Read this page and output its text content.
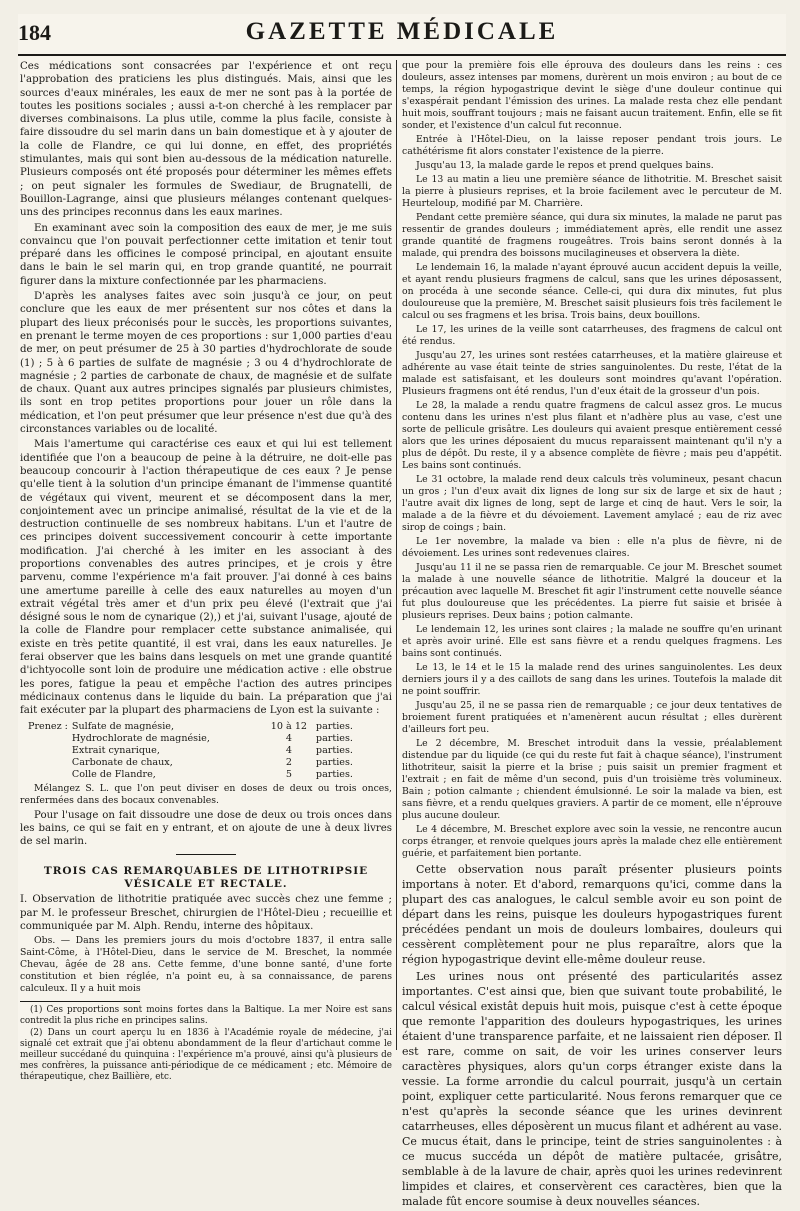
184	GAZETTE MÉDICALE

Ces médications sont consacrées par l'expérience et ont reçu l'approbation des praticiens les plus distingués. Mais, ainsi que les sources d'eaux minérales, les eaux de mer ne sont pas à la portée de toutes les positions sociales ; aussi a-t-on cherché à les remplacer par diverses combinaisons. La plus utile, comme la plus facile, consiste à faire dissoudre du sel marin dans un bain domestique et à y ajouter de la colle de Flandre, ce qui lui donne, en effet, des propriétés stimulantes, mais qui sont bien au-dessous de la médication naturelle. Plusieurs composés ont été proposés pour déterminer les mêmes effets ; on peut signaler les formules de Swediaur, de Brugnatelli, de Bouillon-Lagrange, ainsi que plusieurs mélanges contenant quelques-uns des principes reconnus dans les eaux marines.

En examinant avec soin la composition des eaux de mer, je me suis convaincu que l'on pouvait perfectionner cette imitation et tenir tout préparé dans les officines le composé principal, en ajoutant ensuite dans le bain le sel marin qui, en trop grande quantité, ne pourrait figurer dans la mixture confectionnée par les pharmaciens.

D'après les analyses faites avec soin jusqu'à ce jour, on peut conclure que les eaux de mer présentent sur nos côtes et dans la plupart des lieux préconisés pour le succès, les proportions suivantes, en prenant le terme moyen de ces proportions : sur 1,000 parties d'eau de mer, on peut présumer de 25 à 30 parties d'hydrochlorate de soude (1) ; 5 à 6 parties de sulfate de magnésie ; 3 ou 4 d'hydrochlorate de magnésie ; 2 parties de carbonate de chaux, de magnésie et de sulfate de chaux. Quant aux autres principes signalés par plusieurs chimistes, ils sont en trop petites proportions pour jouer un rôle dans la médication, et l'on peut présumer que leur présence n'est due qu'à des circonstances variables ou de localité.

Mais l'amertume qui caractérise ces eaux et qui lui est tellement identifiée que l'on a beaucoup de peine à la détruire, ne doit-elle pas beaucoup concourir à l'action thérapeutique de ces eaux ? Je pense qu'elle tient à la solution d'un principe émanant de l'immense quantité de végétaux qui vivent, meurent et se décomposent dans la mer, conjointement avec un principe animalisé, résultat de la vie et de la destruction continuelle de ses nombreux habitans. L'un et l'autre de ces principes doivent successivement concourir à cette importante modification. J'ai cherché à les imiter en les associant à des proportions convenables des autres principes, et je crois y être parvenu, comme l'expérience m'a fait prouver. J'ai donné à ces bains une amertume pareille à celle des eaux naturelles au moyen d'un extrait végétal très amer et d'un prix peu élevé (l'extrait que j'ai désigné sous le nom de cynarique (2),) et j'ai, suivant l'usage, ajouté de la colle de Flandre pour remplacer cette substance animalisée, qui existe en très petite quantité, il est vrai, dans les eaux naturelles. Je ferai observer que les bains dans lesquels on met une grande quantité d'ichtyocolle sont loin de produire une médication active : elle obstrue les pores, fatigue la peau et empêche l'action des autres principes médicinaux contenus dans le liquide du bain. La préparation que j'ai fait exécuter par la plupart des pharmaciens de Lyon est la suivante :

Prenez :	Sulfate de magnésie,	10 à 12	parties.
	Hydrochlorate de magnésie,	4	parties.
	Extrait cynarique,	4	parties.
	Carbonate de chaux,	2	parties.
	Colle de Flandre,	5	parties.

Mélangez S. L. que l'on peut diviser en doses de deux ou trois onces, renfermées dans des bocaux convenables.

Pour l'usage on fait dissoudre une dose de deux ou trois onces dans les bains, ce qui se fait en y entrant, et on ajoute de une à deux livres de sel marin.

TROIS CAS REMARQUABLES DE LITHOTRIPSIE VÉSICALE ET RECTALE.

I. Observation de lithotritie pratiquée avec succès chez une femme ; par M. le professeur Breschet, chirurgien de l'Hôtel-Dieu ; recueillie et communiquée par M. Alph. Rendu, interne des hôpitaux.

Obs. — Dans les premiers jours du mois d'octobre 1837, il entra salle Saint-Côme, à l'Hôtel-Dieu, dans le service de M. Breschet, la nommée Chevau, âgée de 28 ans. Cette femme, d'une bonne santé, d'une forte constitution et bien réglée, n'a point eu, à sa connaissance, de parens calculeux. Il y a huit mois

(1) Ces proportions sont moins fortes dans la Baltique. La mer Noire est sans contredit la plus riche en principes salins.

(2) Dans un court aperçu lu en 1836 à l'Académie royale de médecine, j'ai signalé cet extrait que j'ai obtenu abondamment de la fleur d'artichaut comme le meilleur succédané du quinquina : l'expérience m'a prouvé, ainsi qu'à plusieurs de mes confrères, la puissance anti-périodique de ce médicament ; etc. Mémoire de thérapeutique, chez Baillière, etc.

que pour la première fois elle éprouva des douleurs dans les reins : ces douleurs, assez intenses par momens, durèrent un mois environ ; au bout de ce temps, la région hypogastrique devint le siège d'une douleur continue qui s'exaspérait pendant l'émission des urines. La malade resta chez elle pendant huit mois, souffrant toujours ; mais ne faisant aucun traitement. Enfin, elle se fit sonder, et l'existence d'un calcul fut reconnue.

Entrée à l'Hôtel-Dieu, on la laisse reposer pendant trois jours. Le cathétérisme fit alors constater l'existence de la pierre.

Jusqu'au 13, la malade garde le repos et prend quelques bains.

Le 13 au matin a lieu une première séance de lithotritie. M. Breschet saisit la pierre à plusieurs reprises, et la broie facilement avec le percuteur de M. Heurteloup, modifié par M. Charrière.

Pendant cette première séance, qui dura six minutes, la malade ne parut pas ressentir de grandes douleurs ; immédiatement après, elle rendit une assez grande quantité de fragmens rougeâtres. Trois bains seront donnés à la malade, qui prendra des boissons mucilagineuses et observera la diète.

Le lendemain 16, la malade n'ayant éprouvé aucun accident depuis la veille, et ayant rendu plusieurs fragmens de calcul, sans que les urines déposassent, on procéda à une seconde séance. Celle-ci, qui dura dix minutes, fut plus douloureuse que la première, M. Breschet saisit plusieurs fois très facilement le calcul ou ses fragmens et les brisa. Trois bains, deux bouillons.

Le 17, les urines de la veille sont catarrheuses, des fragmens de calcul ont été rendus.

Jusqu'au 27, les urines sont restées catarrheuses, et la matière glaireuse et adhérente au vase était teinte de stries sanguinolentes. Du reste, l'état de la malade est satisfaisant, et les douleurs sont moindres qu'avant l'opération. Plusieurs fragmens ont été rendus, l'un d'eux était de la grosseur d'un pois.

Le 28, la malade a rendu quatre fragmens de calcul assez gros. Le mucus contenu dans les urines n'est plus filant et n'adhère plus au vase, c'est une sorte de pellicule grisâtre. Les douleurs qui avaient presque entièrement cessé alors que les urines déposaient du mucus reparaissent maintenant qu'il n'y a plus de dépôt. Du reste, il y a absence complète de fièvre ; mais peu d'appétit. Les bains sont continués.

Le 31 octobre, la malade rend deux calculs très volumineux, pesant chacun un gros ; l'un d'eux avait dix lignes de long sur six de large et six de haut ; l'autre avait dix lignes de long, sept de large et cinq de haut. Vers le soir, la malade a de la fièvre et du dévoiement. Lavement amylacé ; eau de riz avec sirop de coings ; bain.

Le 1er novembre, la malade va bien : elle n'a plus de fièvre, ni de dévoiement. Les urines sont redevenues claires.

Jusqu'au 11 il ne se passa rien de remarquable. Ce jour M. Breschet soumet la malade à une nouvelle séance de lithotritie. Malgré la douceur et la précaution avec laquelle M. Breschet fit agir l'instrument cette nouvelle séance fut plus douloureuse que les précédentes. La pierre fut saisie et brisée à plusieurs reprises. Deux bains ; potion calmante.

Le lendemain 12, les urines sont claires ; la malade ne souffre qu'en urinant et après avoir uriné. Elle est sans fièvre et a rendu quelques fragmens. Les bains sont continués.

Le 13, le 14 et le 15 la malade rend des urines sanguinolentes. Les deux derniers jours il y a des caillots de sang dans les urines. Toutefois la malade dit ne point souffrir.

Jusqu'au 25, il ne se passa rien de remarquable ; ce jour deux tentatives de broiement furent pratiquées et n'amenèrent aucun résultat ; elles durèrent d'ailleurs fort peu.

Le 2 décembre, M. Breschet introduit dans la vessie, préalablement distendue par du liquide (ce qui du reste fut fait à chaque séance), l'instrument lithotriteur, saisit la pierre et la brise ; puis saisit un premier fragment et l'extrait ; en fait de même d'un second, puis d'un troisième très volumineux. Bain ; potion calmante ; chiendent émulsionné. Le soir la malade va bien, est sans fièvre, et a rendu quelques graviers. A partir de ce moment, elle n'éprouve plus aucune douleur.

Le 4 décembre, M. Breschet explore avec soin la vessie, ne rencontre aucun corps étranger, et renvoie quelques jours après la malade chez elle entièrement guérie, et parfaitement bien portante.

Cette observation nous paraît présenter plusieurs points importans à noter. Et d'abord, remarquons qu'ici, comme dans la plupart des cas analogues, le calcul semble avoir eu son point de départ dans les reins, puisque les douleurs hypogastriques furent précédées pendant un mois de douleurs lombaires, douleurs qui cessèrent complètement pour ne plus reparaître, alors que la région hypogastrique devint elle-même douleur reuse.

Les urines nous ont présenté des particularités assez importantes. C'est ainsi que, bien que suivant toute probabilité, le calcul vésical existât depuis huit mois, puisque c'est à cette époque que remonte l'apparition des douleurs hypogastriques, les urines étaient d'une transparence parfaite, et ne laissaient rien déposer. Il est rare, comme on sait, de voir les urines conserver leurs caractères physiques, alors qu'un corps étranger existe dans la vessie. La forme arrondie du calcul pourrait, jusqu'à un certain point, expliquer cette particularité. Nous ferons remarquer que ce n'est qu'après la seconde séance que les urines devinrent catarrheuses, elles déposèrent un mucus filant et adhérent au vase. Ce mucus était, dans le principe, teint de stries sanguinolentes : à ce mucus succéda un dépôt de matière pultacée, grisâtre, semblable à de la lavure de chair, après quoi les urines redevinrent limpides et claires, et conservèrent ces caractères, bien que la malade fût encore soumise à deux nouvelles séances.
